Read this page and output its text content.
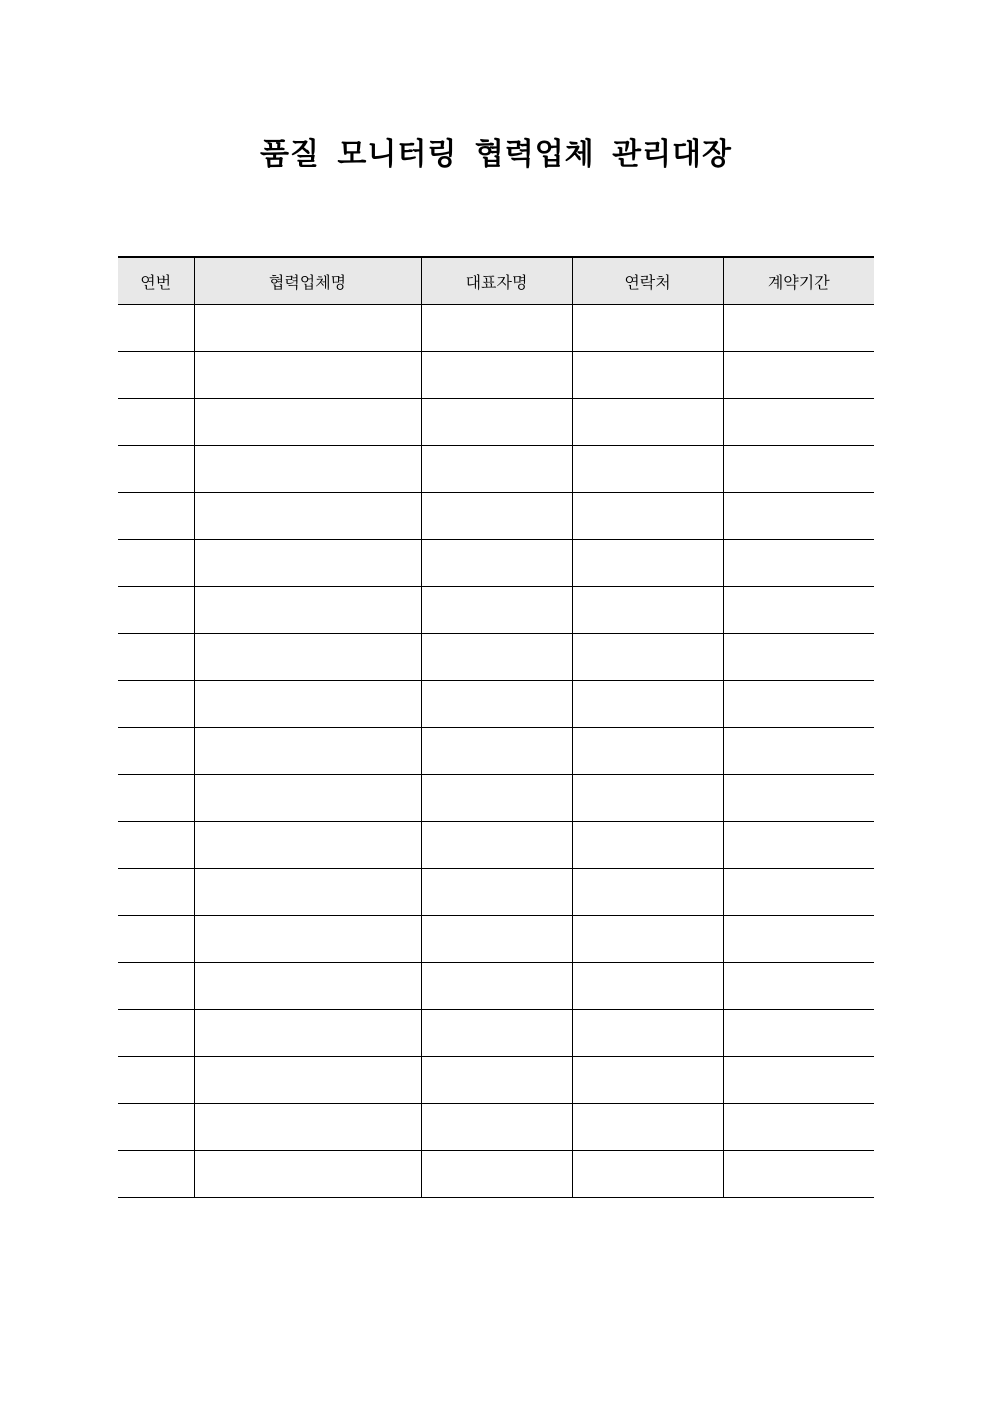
품질 모니터링 협력업체 관리대장
연번	협력업체명	대표자명	연락처	계약기간
